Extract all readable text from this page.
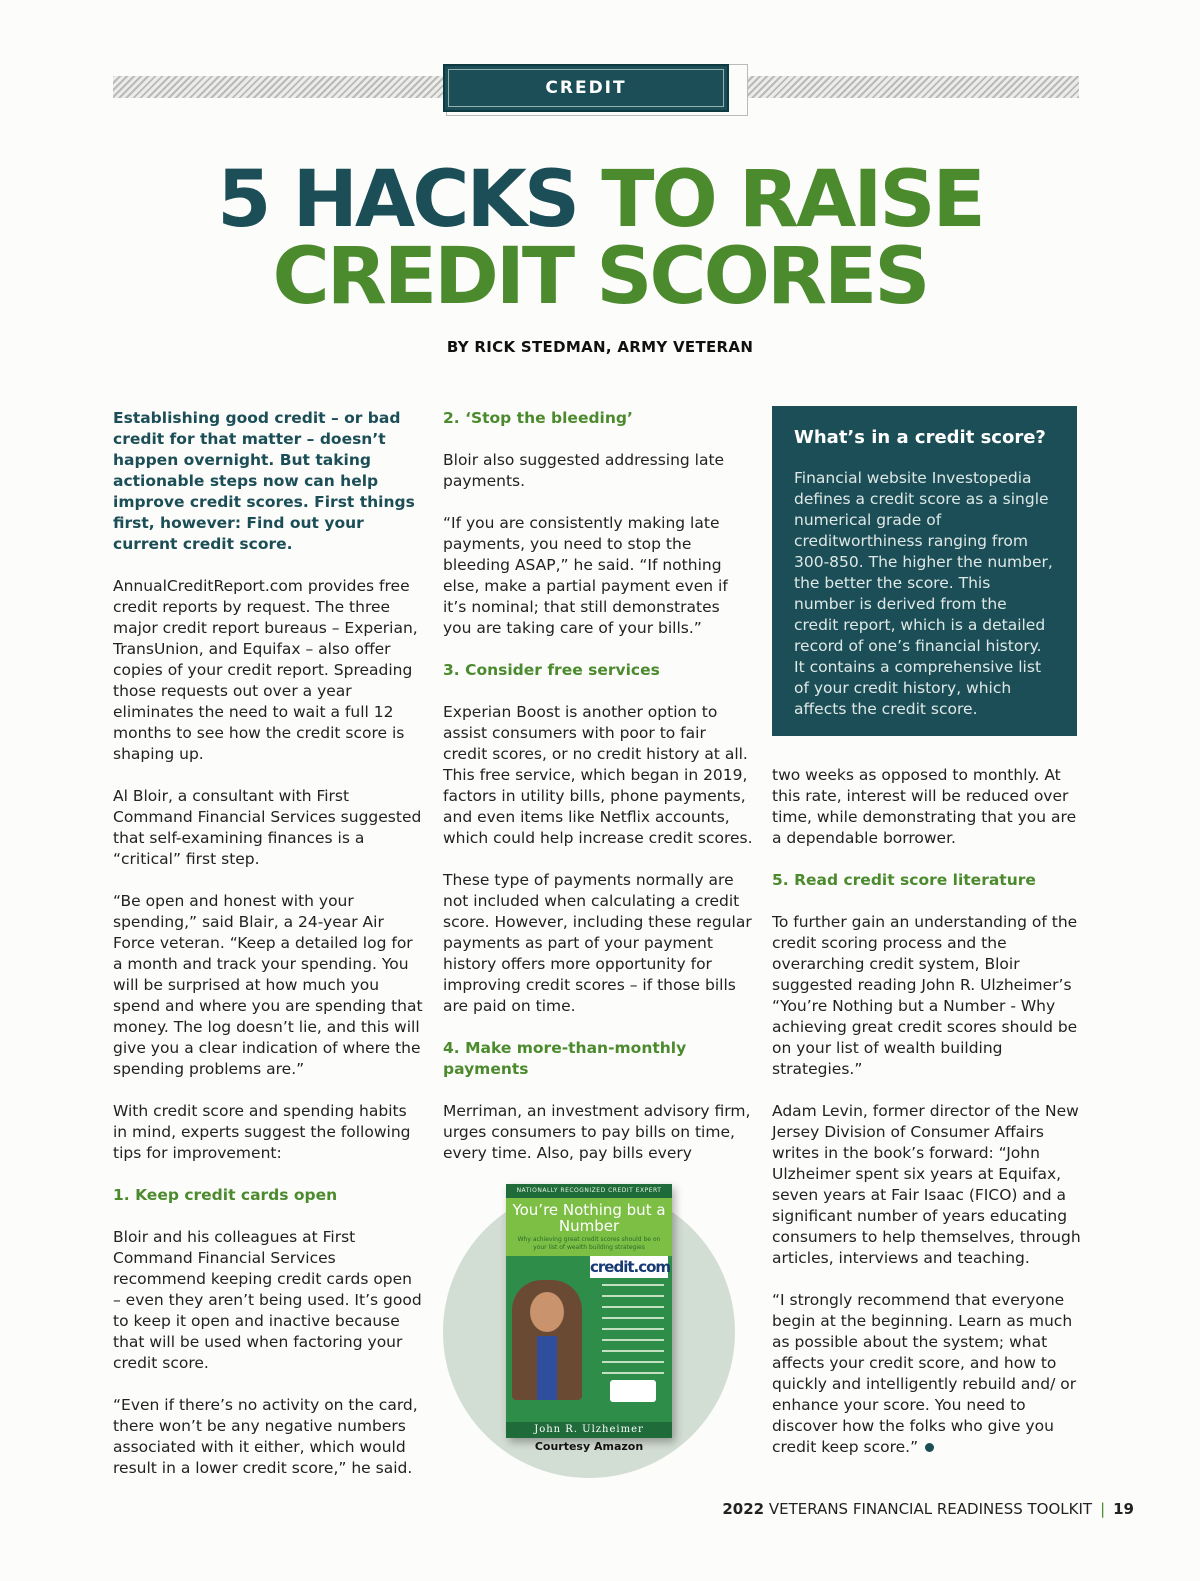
CREDIT
5 HACKS TO RAISE
CREDIT SCORES
BY RICK STEDMAN, ARMY VETERAN

Establishing good credit – or bad credit for that matter – doesn’t happen overnight. But taking actionable steps now can help improve credit scores. First things first, however: Find out your current credit score.

AnnualCreditReport.com provides free credit reports by request. The three major credit report bureaus – Experian, TransUnion, and Equifax – also offer copies of your credit report. Spreading those requests out over a year eliminates the need to wait a full 12 months to see how the credit score is shaping up.

Al Bloir, a consultant with First Command Financial Services suggested that self-examining finances is a “critical” first step.

“Be open and honest with your spending,” said Blair, a 24-year Air Force veteran. “Keep a detailed log for a month and track your spending. You will be surprised at how much you spend and where you are spending that money. The log doesn’t lie, and this will give you a clear indication of where the spending problems are.”

With credit score and spending habits in mind, experts suggest the following tips for improvement:

1. Keep credit cards open

Bloir and his colleagues at First Command Financial Services recommend keeping credit cards open – even they aren’t being used. It’s good to keep it open and inactive because that will be used when factoring your credit score.

“Even if there’s no activity on the card, there won’t be any negative numbers associated with it either, which would result in a lower credit score,” he said.

2. ‘Stop the bleeding’

Bloir also suggested addressing late payments.

“If you are consistently making late payments, you need to stop the bleeding ASAP,” he said. “If nothing else, make a partial payment even if it’s nominal; that still demonstrates you are taking care of your bills.”

3. Consider free services

Experian Boost is another option to assist consumers with poor to fair credit scores, or no credit history at all. This free service, which began in 2019, factors in utility bills, phone payments, and even items like Netflix accounts, which could help increase credit scores.

These type of payments normally are not included when calculating a credit score. However, including these regular payments as part of your payment history offers more opportunity for improving credit scores – if those bills are paid on time.

4. Make more-than-monthly payments

Merriman, an investment advisory firm, urges consumers to pay bills on time, every time. Also, pay bills every

What’s in a credit score?
Financial website Investopedia defines a credit score as a single numerical grade of creditworthiness ranging from 300-850. The higher the number, the better the score. This number is derived from the credit report, which is a detailed record of one’s financial history. It contains a comprehensive list of your credit history, which affects the credit score.

two weeks as opposed to monthly. At this rate, interest will be reduced over time, while demonstrating that you are a dependable borrower.

5. Read credit score literature

To further gain an understanding of the credit scoring process and the overarching credit system, Bloir suggested reading John R. Ulzheimer’s “You’re Nothing but a Number - Why achieving great credit scores should be on your list of wealth building strategies.”

Adam Levin, former director of the New Jersey Division of Consumer Affairs writes in the book’s forward: “John Ulzheimer spent six years at Equifax, seven years at Fair Isaac (FICO) and a significant number of years educating consumers to help themselves, through articles, interviews and teaching.

“I strongly recommend that everyone begin at the beginning. Learn as much as possible about the system; what affects your credit score, and how to quickly and intelligently rebuild and/ or enhance your score. You need to discover how the folks who give you credit keep score.”

NATIONALLY RECOGNIZED CREDIT EXPERT
You’re Nothing but a Number
Why achieving great credit scores should be on your list of wealth building strategies
credit.com
John R. Ulzheimer
Courtesy Amazon
2022 VETERANS FINANCIAL READINESS TOOLKIT | 19
